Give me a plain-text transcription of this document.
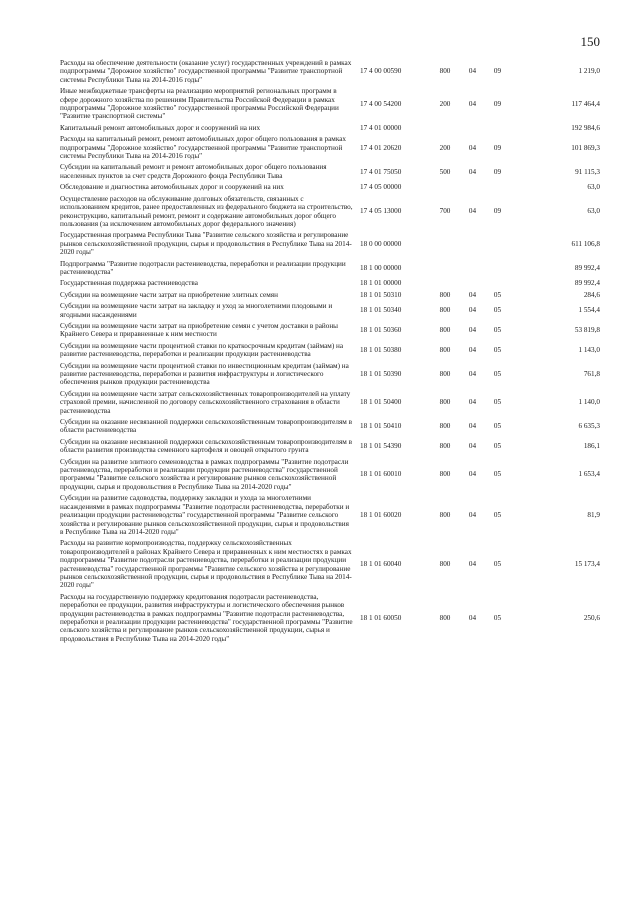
150
Расходы на обеспечение деятельности (оказание услуг) государственных учреждений в рамках подпрограммы "Дорожное хозяйство" государственной программы "Развитие транспортной системы Республики Тыва на 2014-2016 годы"	17 4 00 00590	800	04	09	1 219,0
Иные межбюджетные трансферты на реализацию мероприятий региональных программ в сфере дорожного хозяйства по решениям Правительства Российской Федерации в рамках подпрограммы "Дорожное хозяйство" государственной программы Российской Федерации "Развитие транспортной системы"	17 4 00 54200	200	04	09	117 464,4
Капитальный ремонт автомобильных дорог и сооружений на них	17 4 01 00000				192 984,6
Расходы на капитальный ремонт, ремонт автомобильных дорог общего пользования в рамках подпрограммы "Дорожное хозяйство" государственной программы "Развитие транспортной системы Республики Тыва на 2014-2016 годы"	17 4 01 20620	200	04	09	101 869,3
Субсидии на капитальный ремонт и ремонт автомобильных дорог общего пользования населенных пунктов за счет средств Дорожного фонда Республики Тыва	17 4 01 75050	500	04	09	91 115,3
Обследование и диагностика автомобильных дорог и сооружений на них	17 4 05 00000				63,0
Осуществление расходов на обслуживание долговых обязательств, связанных с использованием кредитов, ранее предоставленных из федерального бюджета на строительство, реконструкцию, капитальный ремонт, ремонт и содержание автомобильных дорог общего пользования (за исключением автомобильных дорог федерального значения)	17 4 05 13000	700	04	09	63,0
Государственная программа Республики Тыва "Развитие сельского хозяйства и регулирование рынков сельскохозяйственной продукции, сырья и продовольствия в Республике Тыва на 2014-2020 годы"	18 0 00 00000				611 106,8
Подпрограмма "Развитие подотрасли растениеводства, переработки и реализации продукции растениеводства"	18 1 00 00000				89 992,4
Государственная поддержка растениеводства	18 1 01 00000				89 992,4
Субсидии на возмещение части затрат на приобретение элитных семян	18 1 01 50310	800	04	05	284,6
Субсидии на возмещение части затрат на закладку и уход за многолетними плодовыми и ягодными насаждениями	18 1 01 50340	800	04	05	1 554,4
Субсидии на возмещение части затрат на приобретение семян с учетом доставки в районы Крайнего Севера и приравненные к ним местности	18 1 01 50360	800	04	05	53 819,8
Субсидии на возмещение части процентной ставки по краткосрочным кредитам (займам) на развитие растениеводства, переработки и реализации продукции растениеводства	18 1 01 50380	800	04	05	1 143,0
Субсидии на возмещение части процентной ставки по инвестиционным кредитам (займам) на развитие растениеводства, переработки и развития инфраструктуры и логистического обеспечения рынков продукции растениеводства	18 1 01 50390	800	04	05	761,8
Субсидии на возмещение части затрат сельскохозяйственных товаропроизводителей на уплату страховой премии, начисленной по договору сельскохозяйственного страхования в области растениеводства	18 1 01 50400	800	04	05	1 140,0
Субсидии на оказание несвязанной поддержки сельскохозяйственным товаропроизводителям в области растениеводства	18 1 01 50410	800	04	05	6 635,3
Субсидии на оказание несвязанной поддержки сельскохозяйственным товаропроизводителям в области развития производства семенного картофеля и овощей открытого грунта	18 1 01 54390	800	04	05	186,1
Субсидии на развитие элитного семеноводства в рамках подпрограммы "Развитие подотрасли растениеводства, переработки и реализации продукции растениеводства" государственной программы "Развитие сельского хозяйства и регулирование рынков сельскохозяйственной продукции, сырья и продовольствия в Республике Тыва на 2014-2020 годы"	18 1 01 60010	800	04	05	1 653,4
Субсидии на развитие садоводства, поддержку закладки и ухода за многолетними насаждениями в рамках подпрограммы "Развитие подотрасли растениеводства, переработки и реализации продукции растениеводства" государственной программы "Развитие сельского хозяйства и регулирование рынков сельскохозяйственной продукции, сырья и продовольствия в Республике Тыва на 2014-2020 годы"	18 1 01 60020	800	04	05	81,9
Расходы на развитие кормопроизводства, поддержку сельскохозяйственных товаропроизводителей в районах Крайнего Севера и приравненных к ним местностях в рамках подпрограммы "Развитие подотрасли растениеводства, переработки и реализации продукции растениеводства" государственной программы "Развитие сельского хозяйства и регулирование рынков сельскохозяйственной продукции, сырья и продовольствия в Республике Тыва на 2014-2020 годы"	18 1 01 60040	800	04	05	15 173,4
Расходы на государственную поддержку кредитования подотрасли растениеводства, переработки ее продукции, развития инфраструктуры и логистического обеспечения рынков продукции растениеводства в рамках подпрограммы "Развитие подотрасли растениеводства, переработки и реализации продукции растениеводства" государственной программы "Развитие сельского хозяйства и регулирование рынков сельскохозяйственной продукции, сырья и продовольствия в Республике Тыва на 2014-2020 годы"	18 1 01 60050	800	04	05	250,6
